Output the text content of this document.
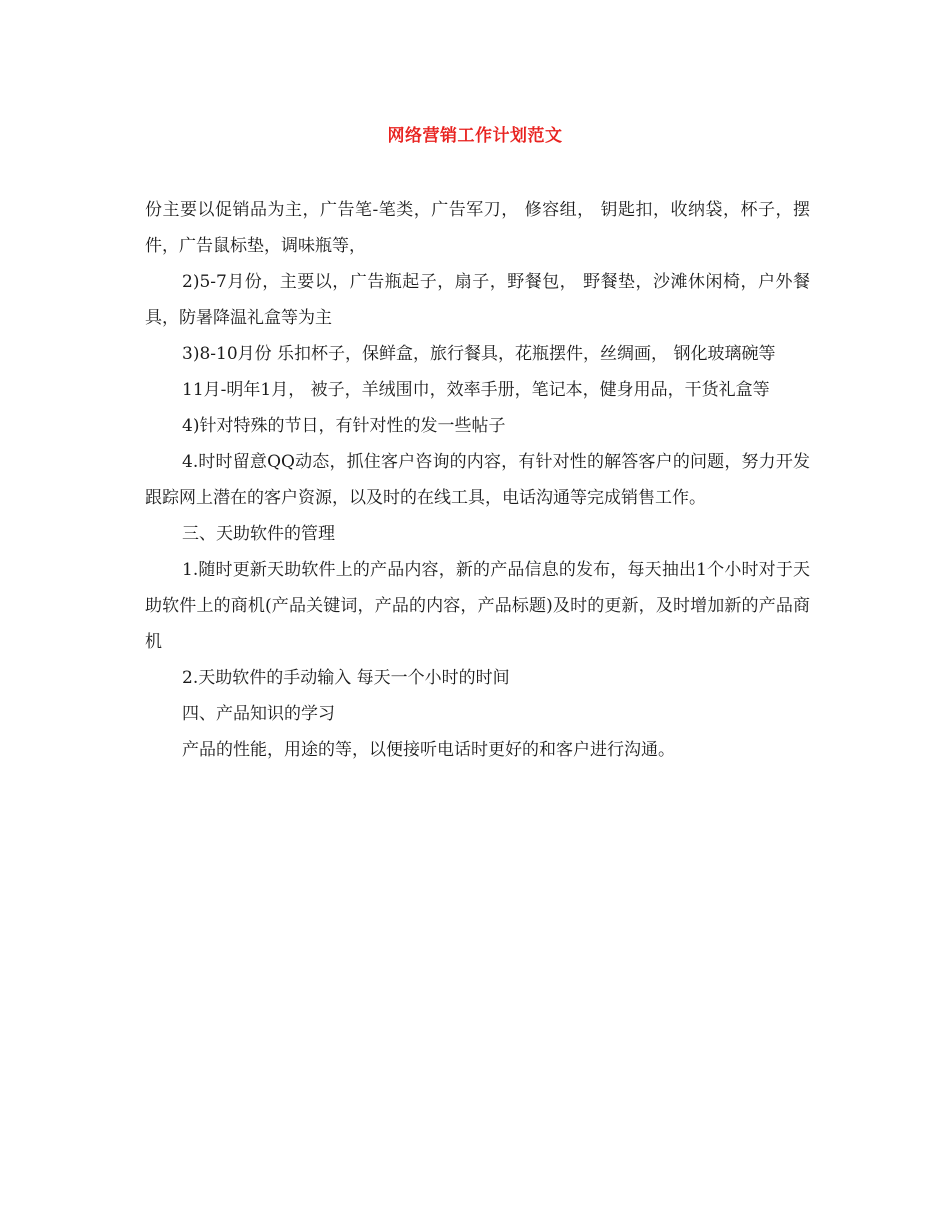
网络营销工作计划范文

份主要以促销品为主，广告笔-笔类，广告军刀， 修容组， 钥匙扣，收纳袋，杯子，摆件，广告鼠标垫，调味瓶等，

2)5-7月份，主要以，广告瓶起子，扇子，野餐包， 野餐垫，沙滩休闲椅，户外餐具，防暑降温礼盒等为主

3)8-10月份 乐扣杯子，保鲜盒，旅行餐具，花瓶摆件，丝绸画， 钢化玻璃碗等

11月-明年1月， 被子，羊绒围巾，效率手册，笔记本，健身用品，干货礼盒等

4)针对特殊的节日，有针对性的发一些帖子

4.时时留意QQ动态，抓住客户咨询的内容，有针对性的解答客户的问题，努力开发跟踪网上潜在的客户资源，以及时的在线工具，电话沟通等完成销售工作。

三、天助软件的管理

1.随时更新天助软件上的产品内容，新的产品信息的发布，每天抽出1个小时对于天助软件上的商机(产品关键词，产品的内容，产品标题)及时的更新，及时增加新的产品商机

2.天助软件的手动输入 每天一个小时的时间

四、产品知识的学习

产品的性能，用途的等，以便接听电话时更好的和客户进行沟通。
